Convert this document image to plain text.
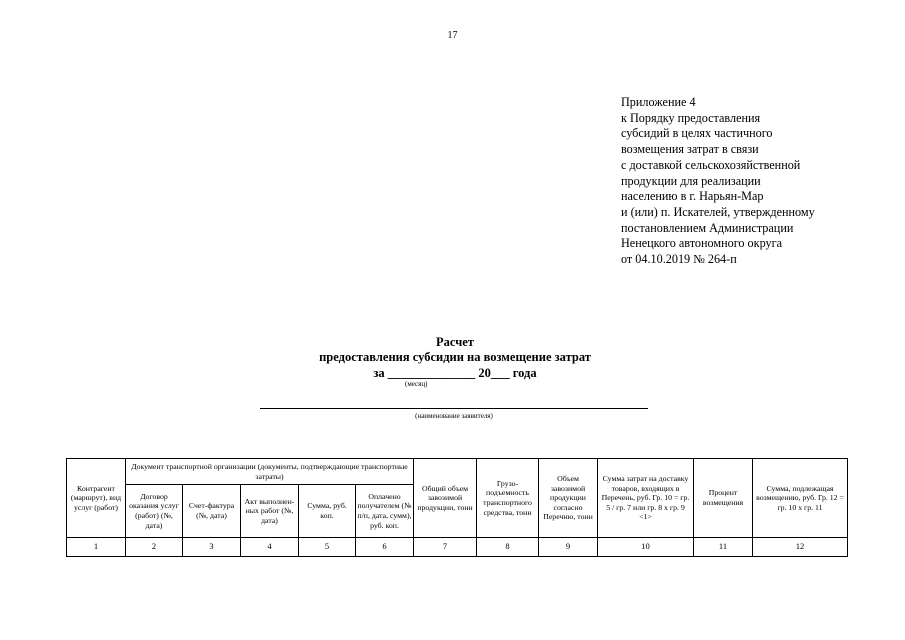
17
Приложение 4
к Порядку предоставления
субсидий в целях частичного
возмещения затрат в связи
с доставкой сельскохозяйственной
продукции для реализации
населению в г. Нарьян-Мар
и (или) п. Искателей, утвержденному
постановлением Администрации
Ненецкого автономного округа
от 04.10.2019 № 264-п
Расчет
предоставления субсидии на возмещение затрат
за ______________ 20___ года
(месяц)
(наименование заявителя)
Контрагент (маршрут), вид услуг (работ)	Документ транспортной организации (документы, подтверждающие транспортные затраты)					Общий объем завозимой продукции, тонн	Грузо-подъемность транспортного средства, тонн	Объем завозимой продукции согласно Перечню, тонн	Сумма затрат на доставку товаров, входящих в Перечень, руб. Гр. 10 = гр. 5 / гр. 7 или гр. 8 x гр. 9 <1>	Процент возмещения	Сумма, подлежащая возмещению, руб. Гр. 12 = гр. 10 x гр. 11
	Договор оказания услуг (работ) (№, дата)	Счет-фактура (№, дата)	Акт выполнен-ных работ (№, дата)	Сумма, руб. коп.	Оплачено получателем (№ п/п, дата, сумм), руб. коп.						
1	2	3	4	5	6	7	8	9	10	11	12
